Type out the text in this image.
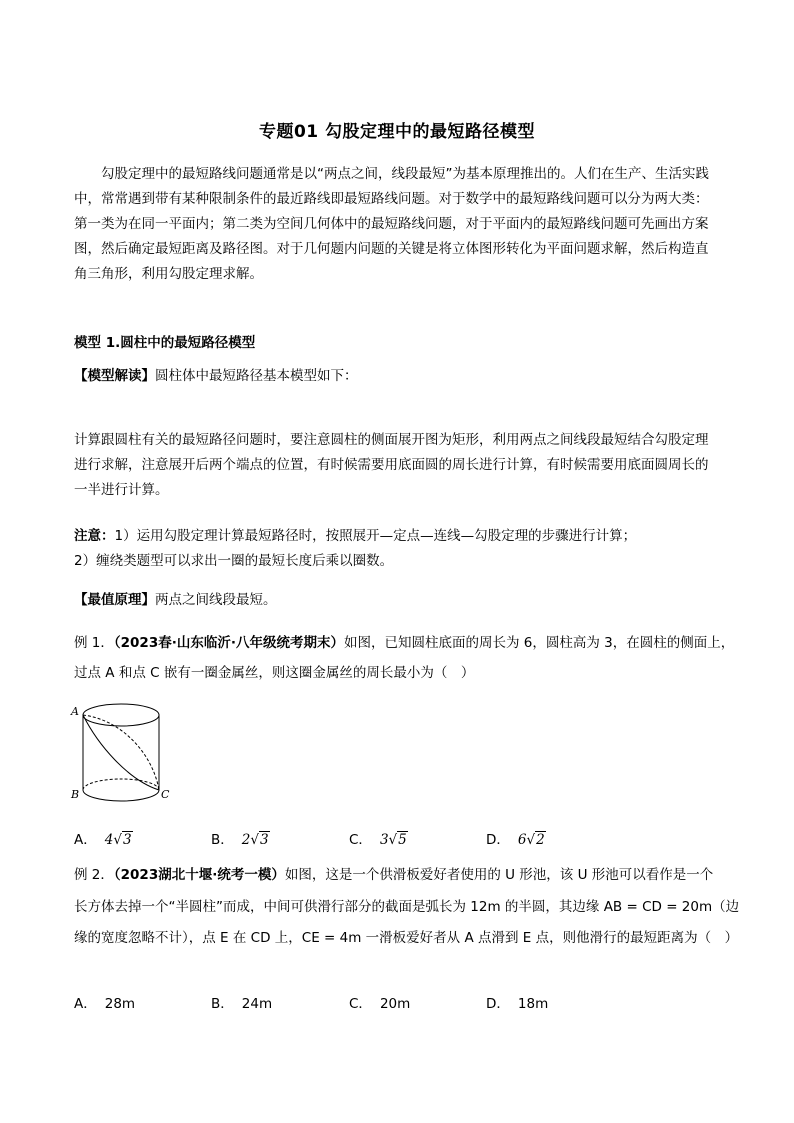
专题01 勾股定理中的最短路径模型
勾股定理中的最短路线问题通常是以“两点之间，线段最短”为基本原理推出的。人们在生产、生活实践中，常常遇到带有某种限制条件的最近路线即最短路线问题。对于数学中的最短路线问题可以分为两大类：第一类为在同一平面内；第二类为空间几何体中的最短路线问题，对于平面内的最短路线问题可先画出方案图，然后确定最短距离及路径图。对于几何题内问题的关键是将立体图形转化为平面问题求解，然后构造直角三角形，利用勾股定理求解。
模型 1.圆柱中的最短路径模型
【模型解读】圆柱体中最短路径基本模型如下：
计算跟圆柱有关的最短路径问题时，要注意圆柱的侧面展开图为矩形，利用两点之间线段最短结合勾股定理进行求解，注意展开后两个端点的位置，有时候需要用底面圆的周长进行计算，有时候需要用底面圆周长的一半进行计算。
注意：1）运用勾股定理计算最短路径时，按照展开—定点—连线—勾股定理的步骤进行计算；
2）缠绕类题型可以求出一圈的最短长度后乘以圈数。
【最值原理】两点之间线段最短。
例 1．（2023春·山东临沂·八年级统考期末）如图，已知圆柱底面的周长为 6，圆柱高为 3，在圆柱的侧面上，
过点 A 和点 C 嵌有一圈金属丝，则这圈金属丝的周长最小为（　）
A
B	C
A． 4√3	B． 2√3	C． 3√5	D． 6√2
例 2．（2023湖北十堰·统考一模）如图，这是一个供滑板爱好者使用的 U 形池，该 U 形池可以看作是一个
长方体去掉一个“半圆柱”而成，中间可供滑行部分的截面是弧长为 12m 的半圆，其边缘 AB = CD = 20m（边
缘的宽度忽略不计），点 E 在 CD 上，CE = 4m 一滑板爱好者从 A 点滑到 E 点，则他滑行的最短距离为（　）
A． 28m	B． 24m	C． 20m	D． 18m
